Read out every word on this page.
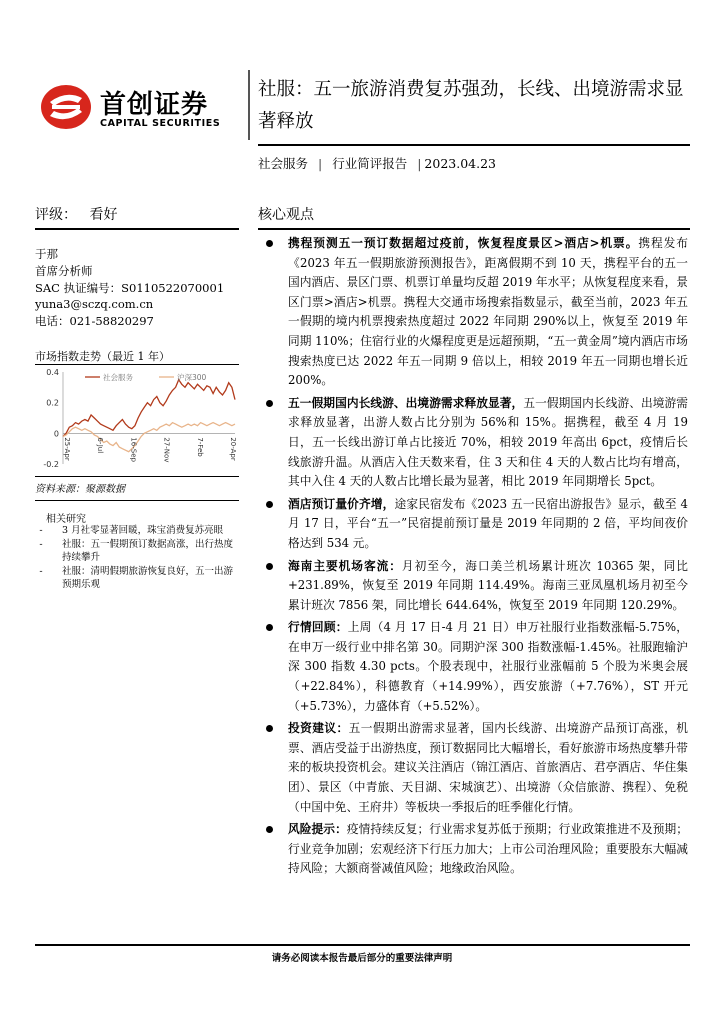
首创证券
CAPITAL SECURITIES
社服：五一旅游消费复苏强劲，长线、出境游需求显著释放
社会服务 | 行业简评报告 | 2023.04.23
评级： 看好
于那
首席分析师
SAC 执证编号：S0110522070001
yuna3@sczq.com.cn
电话：021-58820297
市场指数走势（最近 1 年）
0.4
0.2
0
-0.2
社会服务	沪深300
25-Apr	6-Jul	16-Sep	27-Nov	7-Feb	20-Apr
资料来源：聚源数据
相关研究
-	3 月社零显著回暖，珠宝消费复苏亮眼
-	社服：五一假期预订数据高涨，出行热度持续攀升
-	社服：清明假期旅游恢复良好，五一出游预期乐观
核心观点
携程预测五一预订数据超过疫前，恢复程度景区>酒店>机票。携程发布《2023 年五一假期旅游预测报告》，距离假期不到 10 天，携程平台的五一国内酒店、景区门票、机票订单量均反超 2019 年水平；从恢复程度来看，景区门票>酒店>机票。携程大交通市场搜索指数显示，截至当前，2023 年五一假期的境内机票搜索热度超过 2022 年同期 290%以上，恢复至 2019 年同期 110%；住宿行业的火爆程度更是远超预期，“五一黄金周”境内酒店市场搜索热度已达 2022 年五一同期 9 倍以上，相较 2019 年五一同期也增长近 200%。
五一假期国内长线游、出境游需求释放显著，五一假期国内长线游、出境游需求释放显著，出游人数占比分别为 56%和 15%。据携程，截至 4 月 19 日，五一长线出游订单占比接近 70%，相较 2019 年高出 6pct，疫情后长线旅游升温。从酒店入住天数来看，住 3 天和住 4 天的人数占比均有增高，其中入住 4 天的人数占比增长最为显著，相比 2019 年同期增长 5pct。
酒店预订量价齐增，途家民宿发布《2023 五一民宿出游报告》显示，截至 4 月 17 日，平台“五一”民宿提前预订量是 2019 年同期的 2 倍，平均间夜价格达到 534 元。
海南主要机场客流：月初至今，海口美兰机场累计班次 10365 架，同比+231.89%，恢复至 2019 年同期 114.49%。海南三亚凤凰机场月初至今累计班次 7856 架，同比增长 644.64%，恢复至 2019 年同期 120.29%。
行情回顾：上周（4 月 17 日-4 月 21 日）申万社服行业指数涨幅-5.75%，在申万一级行业中排名第 30。同期沪深 300 指数涨幅-1.45%。社服跑输沪深 300 指数 4.30 pcts。个股表现中，社服行业涨幅前 5 个股为米奥会展（+22.84%），科德教育（+14.99%），西安旅游（+7.76%），ST 开元（+5.73%），力盛体育（+5.52%）。
投资建议：五一假期出游需求显著，国内长线游、出境游产品预订高涨，机票、酒店受益于出游热度，预订数据同比大幅增长，看好旅游市场热度攀升带来的板块投资机会。建议关注酒店（锦江酒店、首旅酒店、君亭酒店、华住集团）、景区（中青旅、天目湖、宋城演艺）、出境游（众信旅游、携程）、免税（中国中免、王府井）等板块一季报后的旺季催化行情。
风险提示：疫情持续反复；行业需求复苏低于预期；行业政策推进不及预期；行业竞争加剧；宏观经济下行压力加大；上市公司治理风险；重要股东大幅减持风险；大额商誉减值风险；地缘政治风险。
请务必阅读本报告最后部分的重要法律声明
